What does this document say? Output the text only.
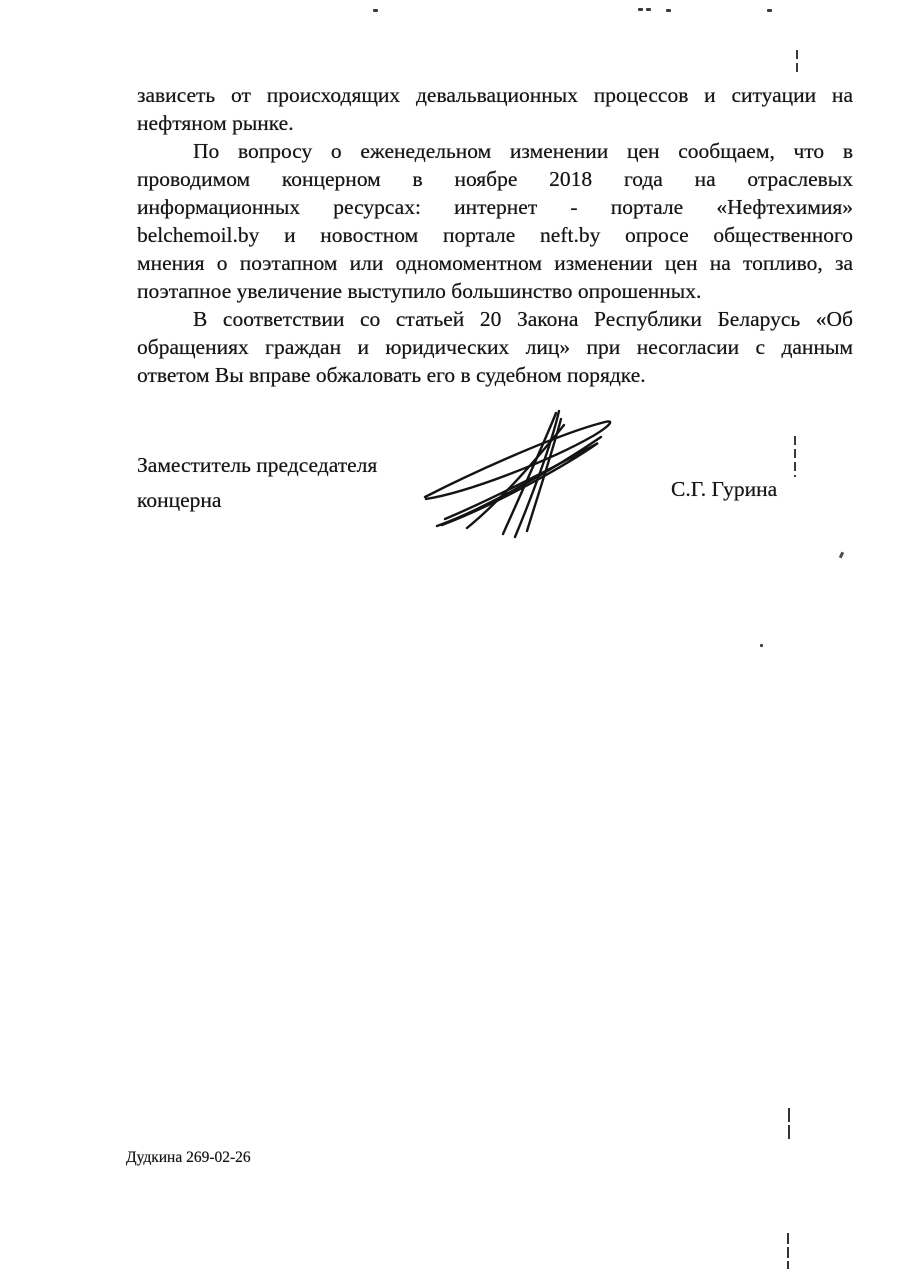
зависеть от происходящих девальвационных процессов и ситуации на
нефтяном рынке.
По вопросу о еженедельном изменении цен сообщаем, что в
проводимом концерном в ноябре 2018 года на отраслевых
информационных ресурсах: интернет - портале «Нефтехимия»
belchemoil.by и новостном портале neft.by опросе общественного
мнения о поэтапном или одномоментном изменении цен на топливо, за
поэтапное увеличение выступило большинство опрошенных.
В соответствии со статьей 20 Закона Республики Беларусь «Об
обращениях граждан и юридических лиц» при несогласии с данным
ответом Вы вправе обжаловать его в судебном порядке.
Заместитель председателя
концерна	С.Г. Гурина
Дудкина 269-02-26
